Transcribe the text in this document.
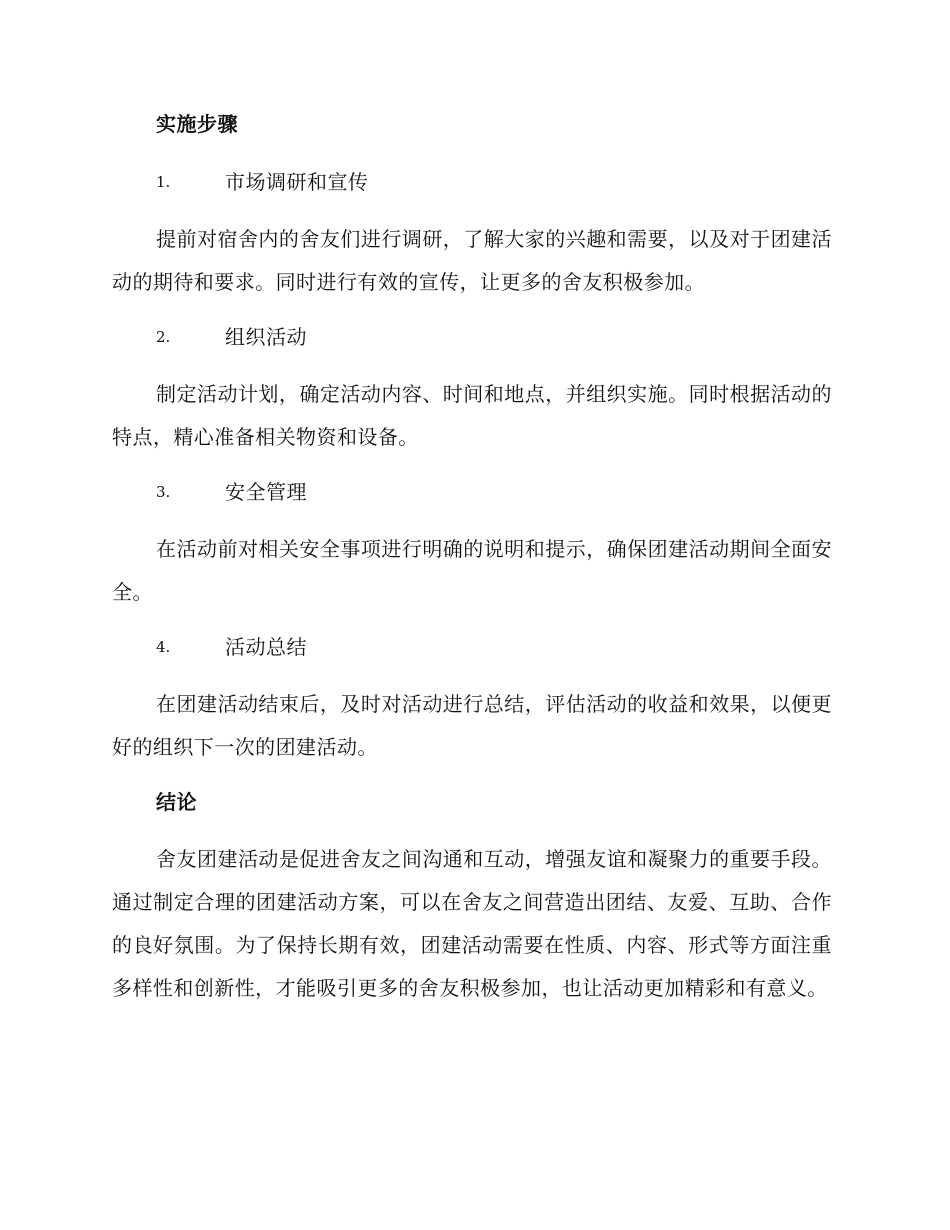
实施步骤
1.	市场调研和宣传

提前对宿舍内的舍友们进行调研，了解大家的兴趣和需要，以及对于团建活动的期待和要求。同时进行有效的宣传，让更多的舍友积极参加。

2.	组织活动

制定活动计划，确定活动内容、时间和地点，并组织实施。同时根据活动的特点，精心准备相关物资和设备。

3.	安全管理

在活动前对相关安全事项进行明确的说明和提示，确保团建活动期间全面安全。

4.	活动总结

在团建活动结束后，及时对活动进行总结，评估活动的收益和效果，以便更好的组织下一次的团建活动。

结论

舍友团建活动是促进舍友之间沟通和互动，增强友谊和凝聚力的重要手段。通过制定合理的团建活动方案，可以在舍友之间营造出团结、友爱、互助、合作的良好氛围。为了保持长期有效，团建活动需要在性质、内容、形式等方面注重多样性和创新性，才能吸引更多的舍友积极参加，也让活动更加精彩和有意义。
